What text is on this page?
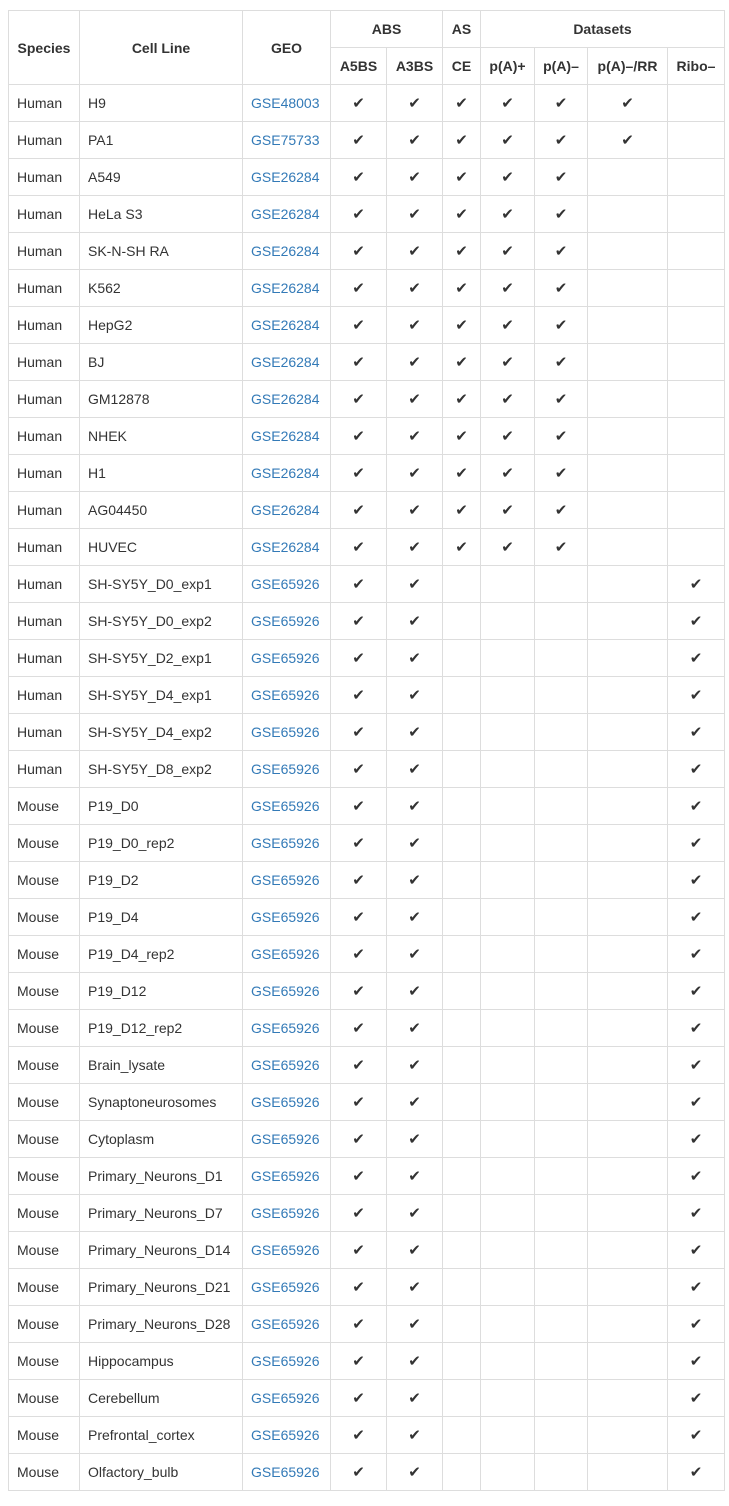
Species	Cell Line	GEO	ABS		AS	Datasets			
			A5BS	A3BS	CE	p(A)+	p(A)–	p(A)–/RR	Ribo–
Human	H9	GSE48003	✔	✔	✔	✔	✔	✔	
Human	PA1	GSE75733	✔	✔	✔	✔	✔	✔	
Human	A549	GSE26284	✔	✔	✔	✔	✔		
Human	HeLa S3	GSE26284	✔	✔	✔	✔	✔		
Human	SK-N-SH RA	GSE26284	✔	✔	✔	✔	✔		
Human	K562	GSE26284	✔	✔	✔	✔	✔		
Human	HepG2	GSE26284	✔	✔	✔	✔	✔		
Human	BJ	GSE26284	✔	✔	✔	✔	✔		
Human	GM12878	GSE26284	✔	✔	✔	✔	✔		
Human	NHEK	GSE26284	✔	✔	✔	✔	✔		
Human	H1	GSE26284	✔	✔	✔	✔	✔		
Human	AG04450	GSE26284	✔	✔	✔	✔	✔		
Human	HUVEC	GSE26284	✔	✔	✔	✔	✔		
Human	SH-SY5Y_D0_exp1	GSE65926	✔	✔					✔
Human	SH-SY5Y_D0_exp2	GSE65926	✔	✔					✔
Human	SH-SY5Y_D2_exp1	GSE65926	✔	✔					✔
Human	SH-SY5Y_D4_exp1	GSE65926	✔	✔					✔
Human	SH-SY5Y_D4_exp2	GSE65926	✔	✔					✔
Human	SH-SY5Y_D8_exp2	GSE65926	✔	✔					✔
Mouse	P19_D0	GSE65926	✔	✔					✔
Mouse	P19_D0_rep2	GSE65926	✔	✔					✔
Mouse	P19_D2	GSE65926	✔	✔					✔
Mouse	P19_D4	GSE65926	✔	✔					✔
Mouse	P19_D4_rep2	GSE65926	✔	✔					✔
Mouse	P19_D12	GSE65926	✔	✔					✔
Mouse	P19_D12_rep2	GSE65926	✔	✔					✔
Mouse	Brain_lysate	GSE65926	✔	✔					✔
Mouse	Synaptoneurosomes	GSE65926	✔	✔					✔
Mouse	Cytoplasm	GSE65926	✔	✔					✔
Mouse	Primary_Neurons_D1	GSE65926	✔	✔					✔
Mouse	Primary_Neurons_D7	GSE65926	✔	✔					✔
Mouse	Primary_Neurons_D14	GSE65926	✔	✔					✔
Mouse	Primary_Neurons_D21	GSE65926	✔	✔					✔
Mouse	Primary_Neurons_D28	GSE65926	✔	✔					✔
Mouse	Hippocampus	GSE65926	✔	✔					✔
Mouse	Cerebellum	GSE65926	✔	✔					✔
Mouse	Prefrontal_cortex	GSE65926	✔	✔					✔
Mouse	Olfactory_bulb	GSE65926	✔	✔					✔
